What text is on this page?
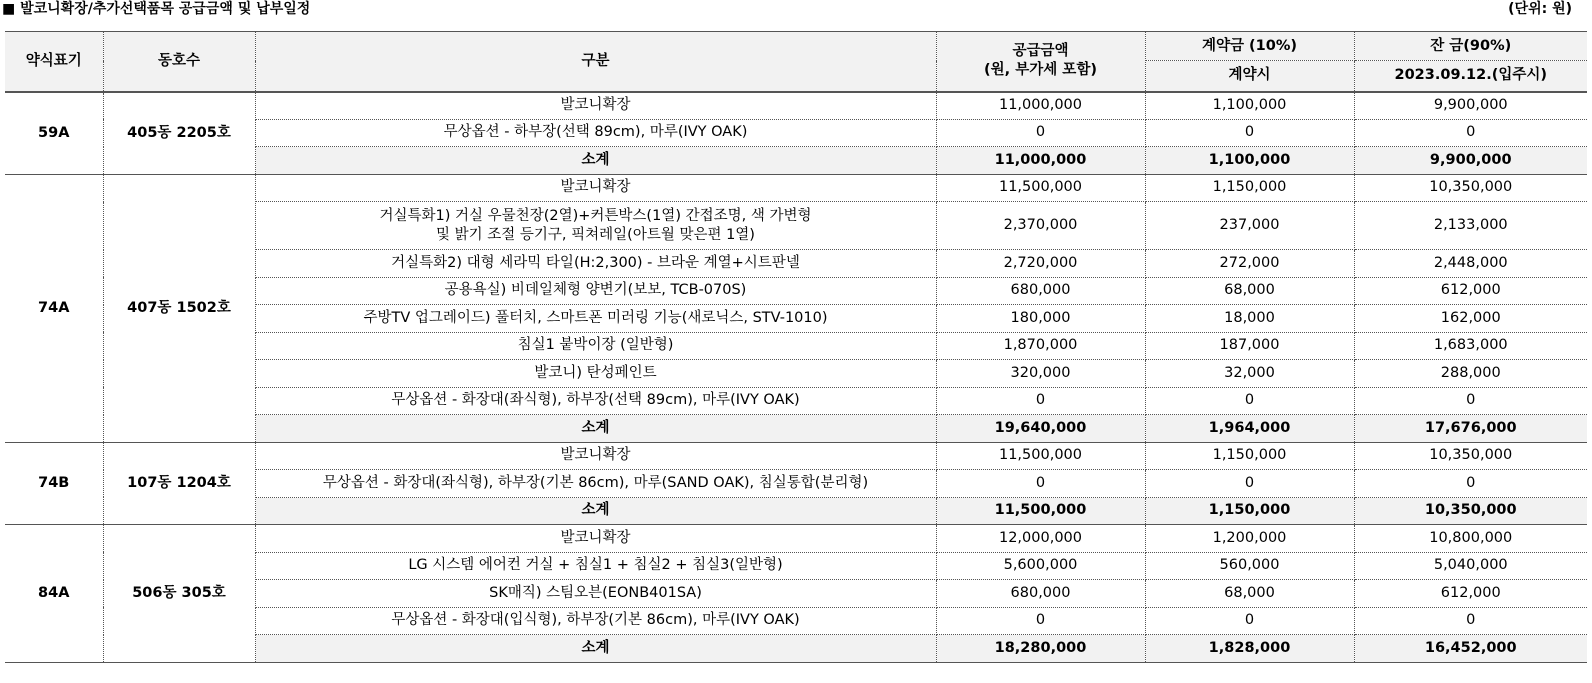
■ 발코니확장/추가선택품목 공급금액 및 납부일정	(단위: 원)
약식표기	동호수	구분	공급금액
(원, 부가세 포함)	계약금 (10%)	잔 금(90%)
				계약시	2023.09.12.(입주시)
59A	405동 2205호	발코니확장	11,000,000	1,100,000	9,900,000
		무상옵션 - 하부장(선택 89cm), 마루(IVY OAK)	0	0	0
		소계	11,000,000	1,100,000	9,900,000
74A	407동 1502호	발코니확장	11,500,000	1,150,000	10,350,000

		거실특화1) 거실 우물천장(2열)+커튼박스(1열) 간접조명, 색 가변형
및 밝기 조절 등기구, 픽쳐레일(아트월 맞은편 1열)	2,370,000	237,000	2,133,000
		거실특화2) 대형 세라믹 타일(H:2,300) - 브라운 계열+시트판넬	2,720,000	272,000	2,448,000
		공용욕실) 비데일체형 양변기(보보, TCB-070S)	680,000	68,000	612,000
		주방TV 업그레이드) 풀터치, 스마트폰 미러링 기능(새로닉스, STV-1010)	180,000	18,000	162,000
		침실1 붙박이장 (일반형)	1,870,000	187,000	1,683,000
		발코니) 탄성페인트	320,000	32,000	288,000
		무상옵션 - 화장대(좌식형), 하부장(선택 89cm), 마루(IVY OAK)	0	0	0
		소계	19,640,000	1,964,000	17,676,000
74B	107동 1204호	발코니확장	11,500,000	1,150,000	10,350,000
		무상옵션 - 화장대(좌식형), 하부장(기본 86cm), 마루(SAND OAK), 침실통합(분리형)	0	0	0
		소계	11,500,000	1,150,000	10,350,000
84A	506동 305호	발코니확장	12,000,000	1,200,000	10,800,000
		LG 시스템 에어컨 거실 + 침실1 + 침실2 + 침실3(일반형)	5,600,000	560,000	5,040,000
		SK매직) 스팀오븐(EONB401SA)	680,000	68,000	612,000
		무상옵션 - 화장대(입식형), 하부장(기본 86cm), 마루(IVY OAK)	0	0	0
		소계	18,280,000	1,828,000	16,452,000
